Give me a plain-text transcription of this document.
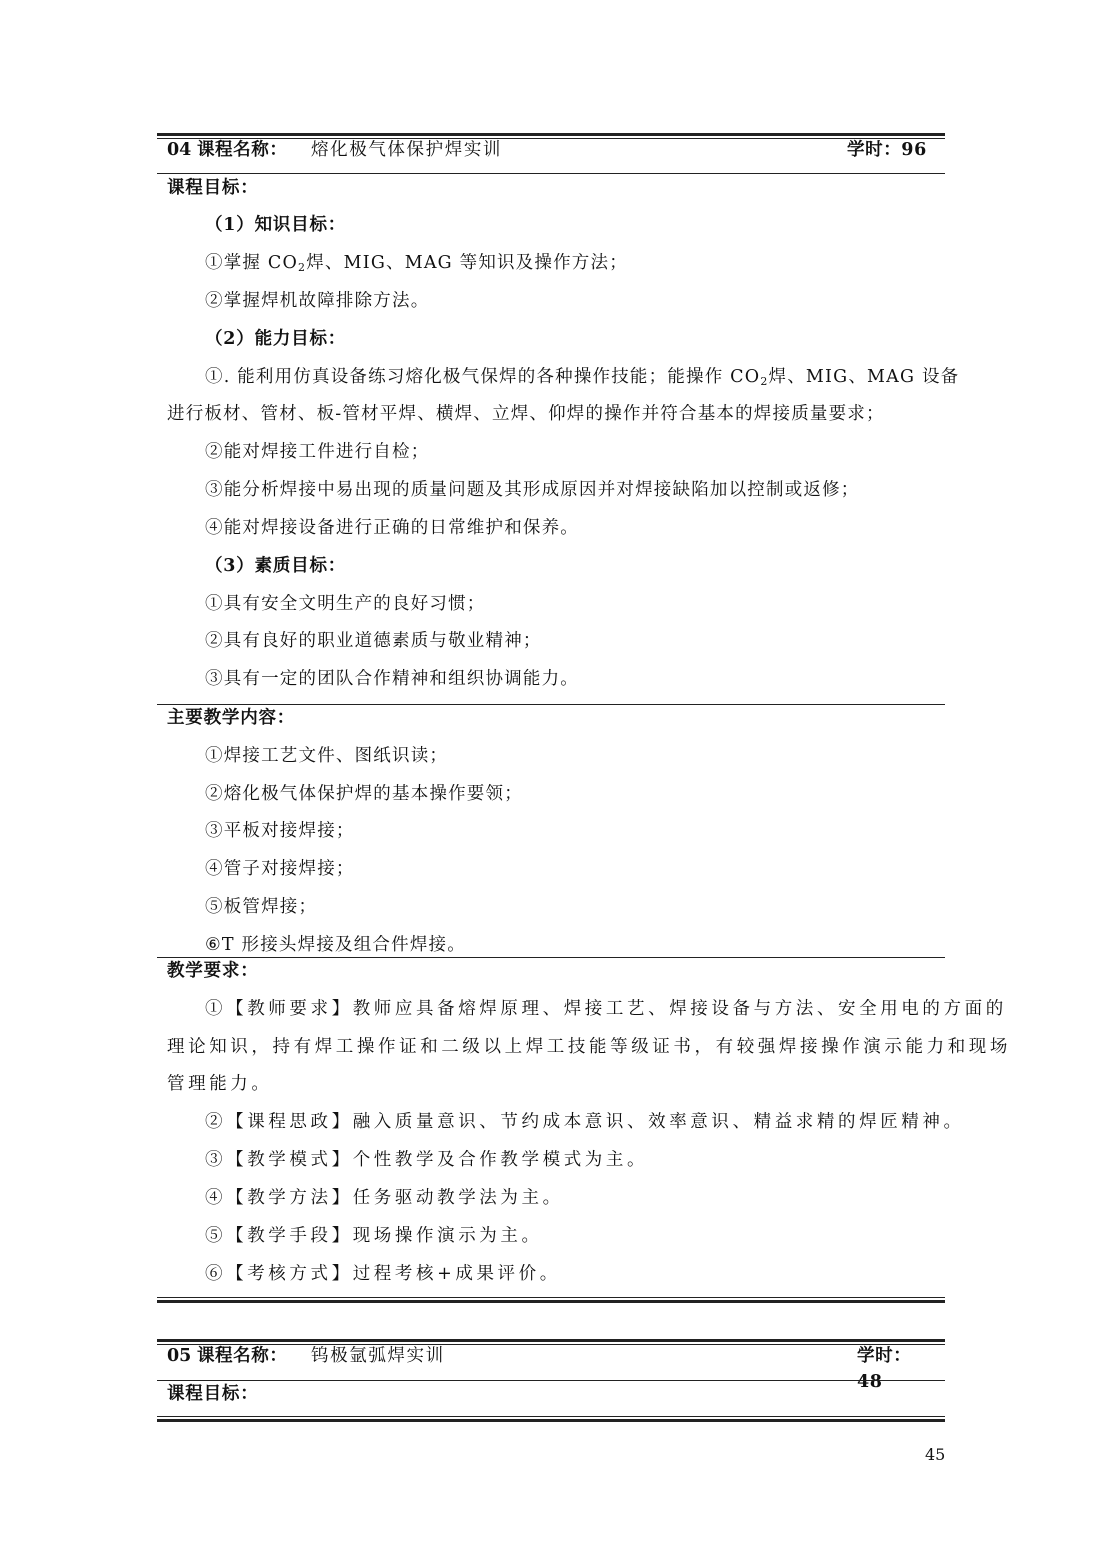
04 课程名称： 熔化极气体保护焊实训	学时：96
课程目标：
（1）知识目标：
①掌握 $CO_2$焊、MIG、MAG 等知识及操作方法；
②掌握焊机故障排除方法。
（2）能力目标：
①. 能利用仿真设备练习熔化极气保焊的各种操作技能；能操作 $CO_2$焊、MIG、MAG 设备
进行板材、管材、板-管材平焊、横焊、立焊、仰焊的操作并符合基本的焊接质量要求；
②能对焊接工件进行自检；
③能分析焊接中易出现的质量问题及其形成原因并对焊接缺陷加以控制或返修；
④能对焊接设备进行正确的日常维护和保养。
（3）素质目标：
①具有安全文明生产的良好习惯；
②具有良好的职业道德素质与敬业精神；
③具有一定的团队合作精神和组织协调能力。
主要教学内容：
①焊接工艺文件、图纸识读；
②熔化极气体保护焊的基本操作要领；
③平板对接焊接；
④管子对接焊接；
⑤板管焊接；
⑥T 形接头焊接及组合件焊接。
教学要求：
①【教师要求】教师应具备熔焊原理、焊接工艺、焊接设备与方法、安全用电的方面的
理论知识，持有焊工操作证和二级以上焊工技能等级证书，有较强焊接操作演示能力和现场
管理能力。
②【课程思政】融入质量意识、节约成本意识、效率意识、精益求精的焊匠精神。
③【教学模式】个性教学及合作教学模式为主。
④【教学方法】任务驱动教学法为主。
⑤【教学手段】现场操作演示为主。
⑥【考核方式】过程考核+成果评价。
05 课程名称： 钨极氩弧焊实训	学时：48
课程目标：
45
